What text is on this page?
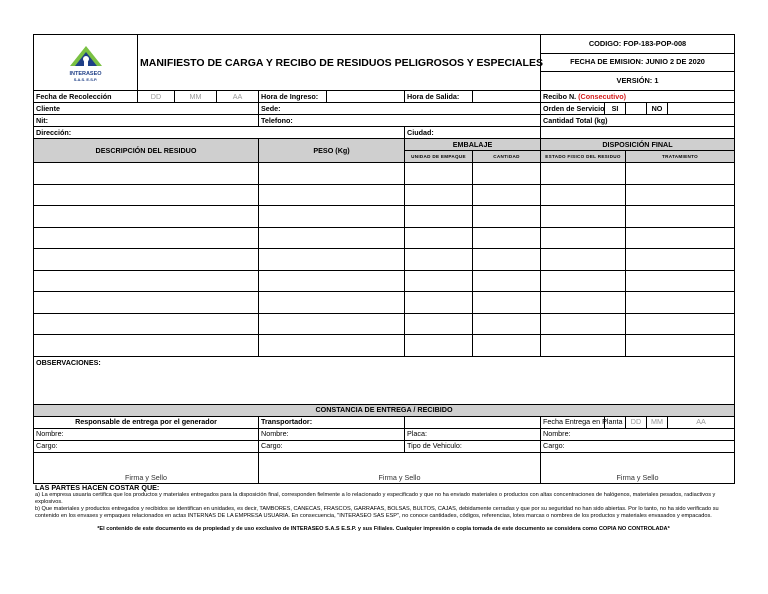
INTERASEO
S.A.S. E.S.P.	MANIFIESTO DE CARGA Y RECIBO DE RESIDUOS PELIGROSOS Y ESPECIALES							CODIGO: FOP-183-POP-008				
								FECHA DE EMISION: JUNIO 2 DE 2020				
								VERSIÓN: 1				
Fecha de Recolección	DD	MM	AA	Hora de Ingreso:		Hora de Salida:		Recibo N. (Consecutivo)				
Cliente				Sede:				Orden de Servicio	SI		NO	
Nit:				Telefono:				Cantidad Total (kg)				
Dirección:						Ciudad:						
DESCRIPCIÓN DEL RESIDUO				PESO (Kg)		EMBALAJE		DISPOSICIÓN FINAL				
						UNIDAD DE EMPAQUE	CANTIDAD	ESTADO FISICO DEL RESIDUO		TRATAMIENTO		

OBSERVACIONES:												
CONSTANCIA DE ENTREGA / RECIBIDO												
Responsable de entrega por el generador				Transportador:				Fecha Entrega en Planta		DD	MM	AA
Nombre:				Nombre:		Placa:		Nombre:				
Cargo:				Cargo:		Tipo de Vehiculo:		Cargo:				
Firma y Sello				Firma y Sello				Firma y Sello				
LAS PARTES HACEN COSTAR QUE:
a) La empresa usuaria certifica que los productos y materiales entregados para la disposición final, corresponden fielmente a lo relacionado y especificado y que no ha enviado materiales o productos con altas concentraciones de halógenos, materiales pesados, radiactivos y explosivos.
b) Que materiales y productos entregados y recibidos se identifican en unidades, es decir, TAMBORES, CANECAS, FRASCOS, GARRAFAS, BOLSAS, BULTOS, CAJAS, debidamente cerradas y que por su seguridad no han sido abiertas. Por lo tanto, no ha sido verificado su contenido en los envases y empaques relacionados en actas INTERNAS DE LA EMPRESA USUARIA. En consecuencia, "INTERASEO SAS ESP", no conoce cantidades, códigos, referencias, lotes marcas o nombres de los productos y materiales envasados y empacados.
*El contenido de este documento es de propiedad y de uso exclusivo de INTERASEO S.A.S E.S.P. y sus Filiales. Cualquier impresión o copia tomada de este documento se considera como COPIA NO CONTROLADA*
